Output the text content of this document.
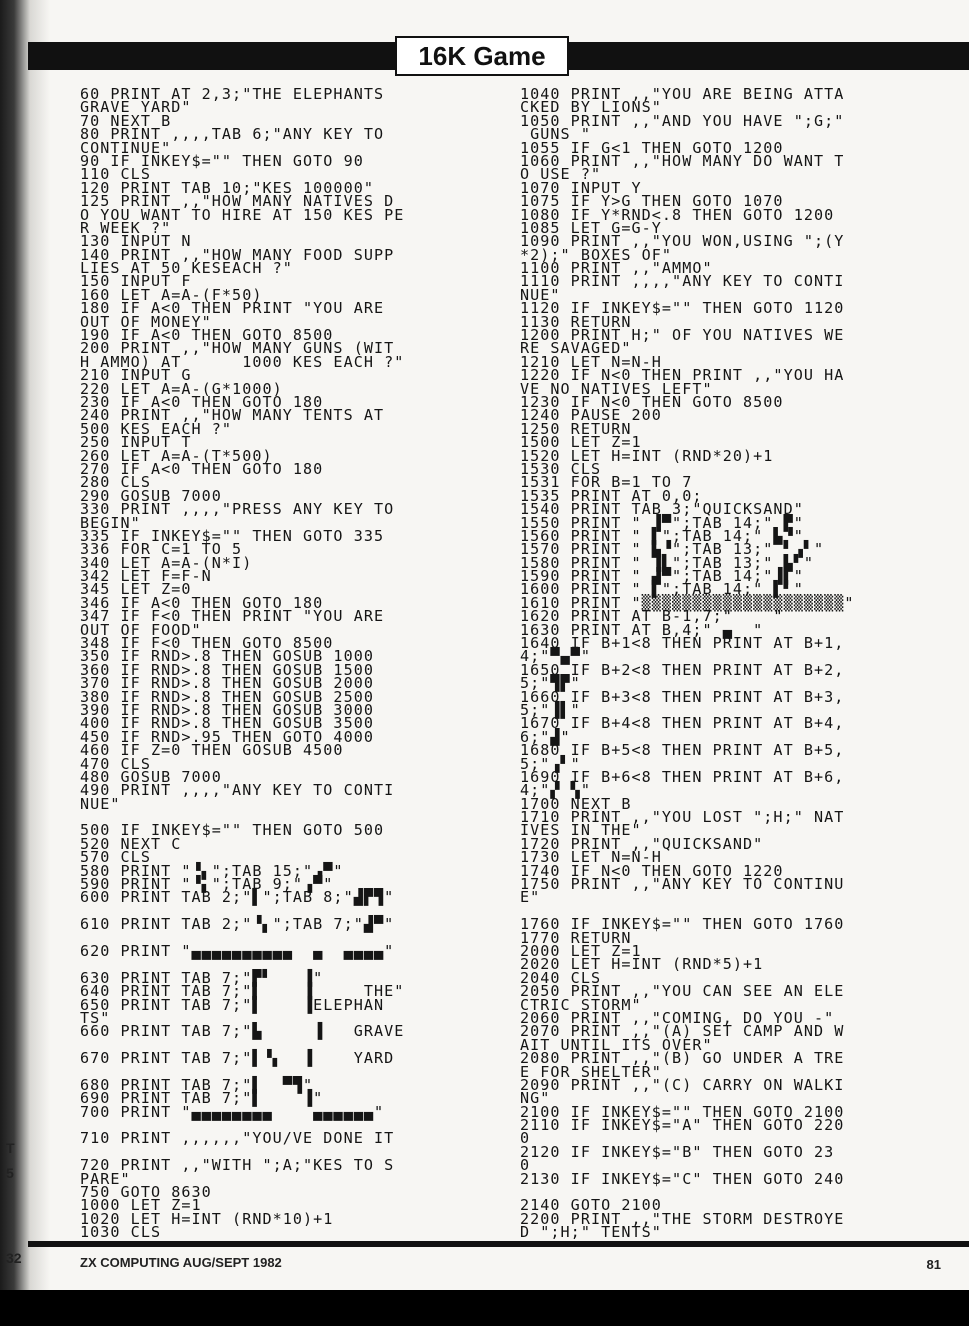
16K Game
60 PRINT AT 2,3;"THE ELEPHANTS
GRAVE YARD"
70 NEXT B
80 PRINT ,,,,TAB 6;"ANY KEY TO
CONTINUE"
90 IF INKEY$="" THEN GOTO 90
110 CLS
120 PRINT TAB 10;"KES 100000"
125 PRINT ,,"HOW MANY NATIVES D
O YOU WANT TO HIRE AT 150 KES PE
R WEEK ?"
130 INPUT N
140 PRINT ,,"HOW MANY FOOD SUPP
LIES AT 50 KESEACH ?"
150 INPUT F
160 LET A=A-(F*50)
180 IF A<0 THEN PRINT "YOU ARE
OUT OF MONEY"
190 IF A<0 THEN GOTO 8500
200 PRINT ,,"HOW MANY GUNS (WIT
H AMMO) AT      1000 KES EACH ?"
210 INPUT G
220 LET A=A-(G*1000)
230 IF A<0 THEN GOTO 180
240 PRINT ,,"HOW MANY TENTS AT
500 KES EACH ?"
250 INPUT T
260 LET A=A-(T*500)
270 IF A<0 THEN GOTO 180
280 CLS
290 GOSUB 7000
330 PRINT ,,,,"PRESS ANY KEY TO
BEGIN"
335 IF INKEY$="" THEN GOTO 335
336 FOR C=1 TO 5
340 LET A=A-(N*I)
342 LET F=F-N
345 LET Z=0
346 IF A<0 THEN GOTO 180
347 IF F<0 THEN PRINT "YOU ARE
OUT OF FOOD"
348 IF F<0 THEN GOTO 8500
350 IF RND>.8 THEN GOSUB 1000
360 IF RND>.8 THEN GOSUB 1500
370 IF RND>.8 THEN GOSUB 2000
380 IF RND>.8 THEN GOSUB 2500
390 IF RND>.8 THEN GOSUB 3000
400 IF RND>.8 THEN GOSUB 3500
450 IF RND>.95 THEN GOTO 4000
460 IF Z=0 THEN GOSUB 4500
470 CLS
480 GOSUB 7000
490 PRINT ,,,,"ANY KEY TO CONTI
NUE"
500 IF INKEY$="" THEN GOTO 500
520 NEXT C
570 CLS
580 PRINT "▝▖";TAB 15;"▗▀"
590 PRINT "▝▖";TAB 9;"▗▀"
600 PRINT TAB 2;"▌";TAB 8;"▟▛▜"
610 PRINT TAB 2;"▝▖";TAB 7;"▟▀"
620 PRINT "▄▄▄▄▄▄▄▄▄▄  ▄  ▄▄▄▄"
630 PRINT TAB 7;"▛▘   ▐"
640 PRINT TAB 7;"▌    ▐     THE"
650 PRINT TAB 7;"▌    ▐ELEPHAN
TS"
660 PRINT TAB 7;"▙     ▐   GRAVE
670 PRINT TAB 7;"▌▝▖  ▐    YARD
680 PRINT TAB 7;"▌  ▀▜"
690 PRINT TAB 7;"▌    ▐"
700 PRINT "▄▄▄▄▄▄▄▄    ▄▄▄▄▄▄"
710 PRINT ,,,,,,"YOU/VE DONE IT
720 PRINT ,,"WITH ";A;"KES TO S
PARE"
750 GOTO 8630
1000 LET Z=1
1020 LET H=INT (RND*10)+1
1030 CLS
1040 PRINT ,,"YOU ARE BEING ATTA
CKED BY LIONS"
1050 PRINT ,,"AND YOU HAVE ";G;"
GUNS "
1055 IF G<1 THEN GOTO 1200
1060 PRINT ,,"HOW MANY DO WANT T
O USE ?"
1070 INPUT Y
1075 IF Y>G THEN GOTO 1070
1080 IF Y*RND<.8 THEN GOTO 1200
1085 LET G=G-Y
1090 PRINT ,,"YOU WON,USING ";(Y
*2);" BOXES OF"
1100 PRINT ,,"AMMO"
1110 PRINT ,,,,"ANY KEY TO CONTI
NUE"
1120 IF INKEY$="" THEN GOTO 1120
1130 RETURN
1200 PRINT H;" OF YOU NATIVES WE
RE SAVAGED"
1210 LET N=N-H
1220 IF N<0 THEN PRINT ,,"YOU HA
VE NO NATIVES LEFT"
1230 IF N<0 THEN GOTO 8500
1240 PAUSE 200
1250 RETURN
1500 LET Z=1
1520 LET H=INT (RND*20)+1
1530 CLS
1531 FOR B=1 TO 7
1535 PRINT AT 0,0;
1540 PRINT TAB 3;"QUICKSAND"
1550 PRINT " ▐▀";TAB 14;" ▛"
1560 PRINT " ▌";TAB 14;" ▙▝"
1570 PRINT " ▙▝";TAB 13;" ▘▗▘"
1580 PRINT " ▐▌";TAB 13;" ▙▘"
1590 PRINT " ▟▀";TAB 14;"▐▌"
1600 PRINT " ▌";TAB 14;" ▌▘"
1610 PRINT "▒▒▒▒▒▒▒▒▒▒▒▒▒▒▒▒▒▒▒▒"
1620 PRINT AT B-1,7;"    "
1630 PRINT AT B,4;" ▄  "
1640 IF B+1<8 THEN PRINT AT B+1,
4;"▀▄▀"
1650 IF B+2<8 THEN PRINT AT B+2,
5;"▜▛"
1660 IF B+3<8 THEN PRINT AT B+3,
5;"▐▌"
1670 IF B+4<8 THEN PRINT AT B+4,
6;"▟"
1680 IF B+5<8 THEN PRINT AT B+5,
5;"▗▘"
1690 IF B+6<8 THEN PRINT AT B+6,
4;"▞ ▚"
1700 NEXT B
1710 PRINT ,,"YOU LOST ";H;" NAT
IVES IN THE"
1720 PRINT ,,"QUICKSAND"
1730 LET N=N-H
1740 IF N<0 THEN GOTO 1220
1750 PRINT ,,"ANY KEY TO CONTINU
E"
1760 IF INKEY$="" THEN GOTO 1760
1770 RETURN
2000 LET Z=1
2020 LET H=INT (RND*5)+1
2040 CLS
2050 PRINT ,,"YOU CAN SEE AN ELE
CTRIC STORM"
2060 PRINT ,,"COMING, DO YOU -"
2070 PRINT ,,"(A) SET CAMP AND W
AIT UNTIL ITS OVER"
2080 PRINT ,,"(B) GO UNDER A TRE
E FOR SHELTER"
2090 PRINT ,,"(C) CARRY ON WALKI
NG"
2100 IF INKEY$="" THEN GOTO 2100
2110 IF INKEY$="A" THEN GOTO 220
0
2120 IF INKEY$="B" THEN GOTO 23
0
2130 IF INKEY$="C" THEN GOTO 240
2140 GOTO 2100
2200 PRINT ,,"THE STORM DESTROYE
D ";H;" TENTS"
T
5
32	ZX COMPUTING AUG/SEPT 1982	81
